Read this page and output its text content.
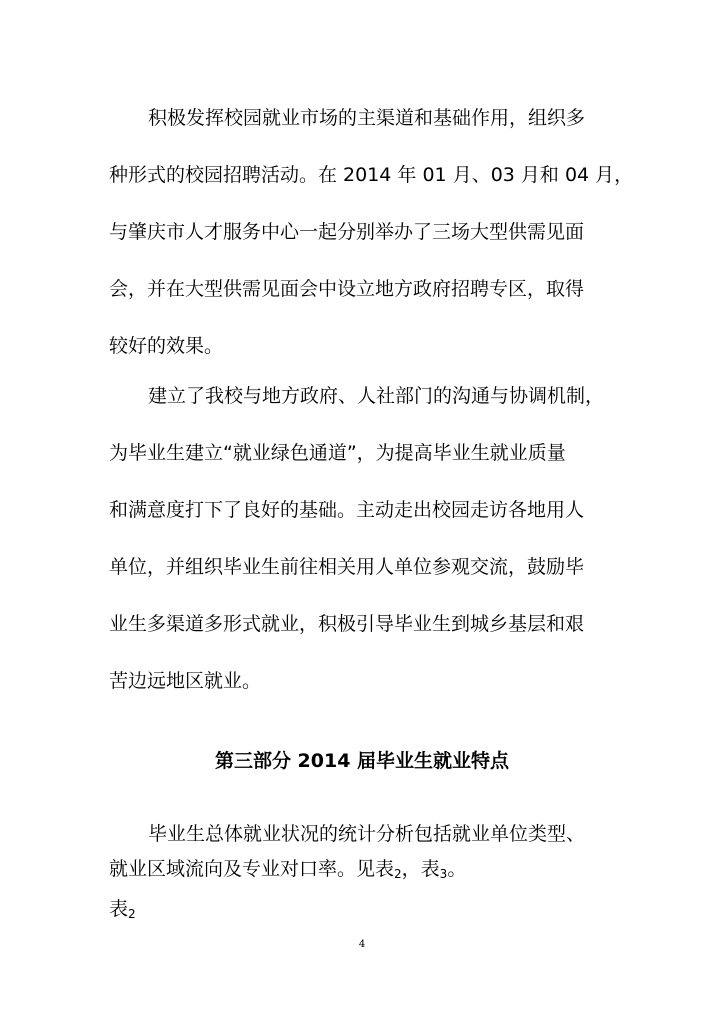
积极发挥校园就业市场的主渠道和基础作用，组织多

种形式的校园招聘活动。在 2014 年 01 月、03 月和 04 月，

与肇庆市人才服务中心一起分别举办了三场大型供需见面

会，并在大型供需见面会中设立地方政府招聘专区，取得

较好的效果。

建立了我校与地方政府、人社部门的沟通与协调机制，

为毕业生建立“就业绿色通道”，为提高毕业生就业质量

和满意度打下了良好的基础。主动走出校园走访各地用人

单位，并组织毕业生前往相关用人单位参观交流，鼓励毕

业生多渠道多形式就业，积极引导毕业生到城乡基层和艰

苦边远地区就业。

第三部分 2014 届毕业生就业特点

毕业生总体就业状况的统计分析包括就业单位类型、

就业区域流向及专业对口率。见表$_2$，表$_3$。

表$_2$

4
